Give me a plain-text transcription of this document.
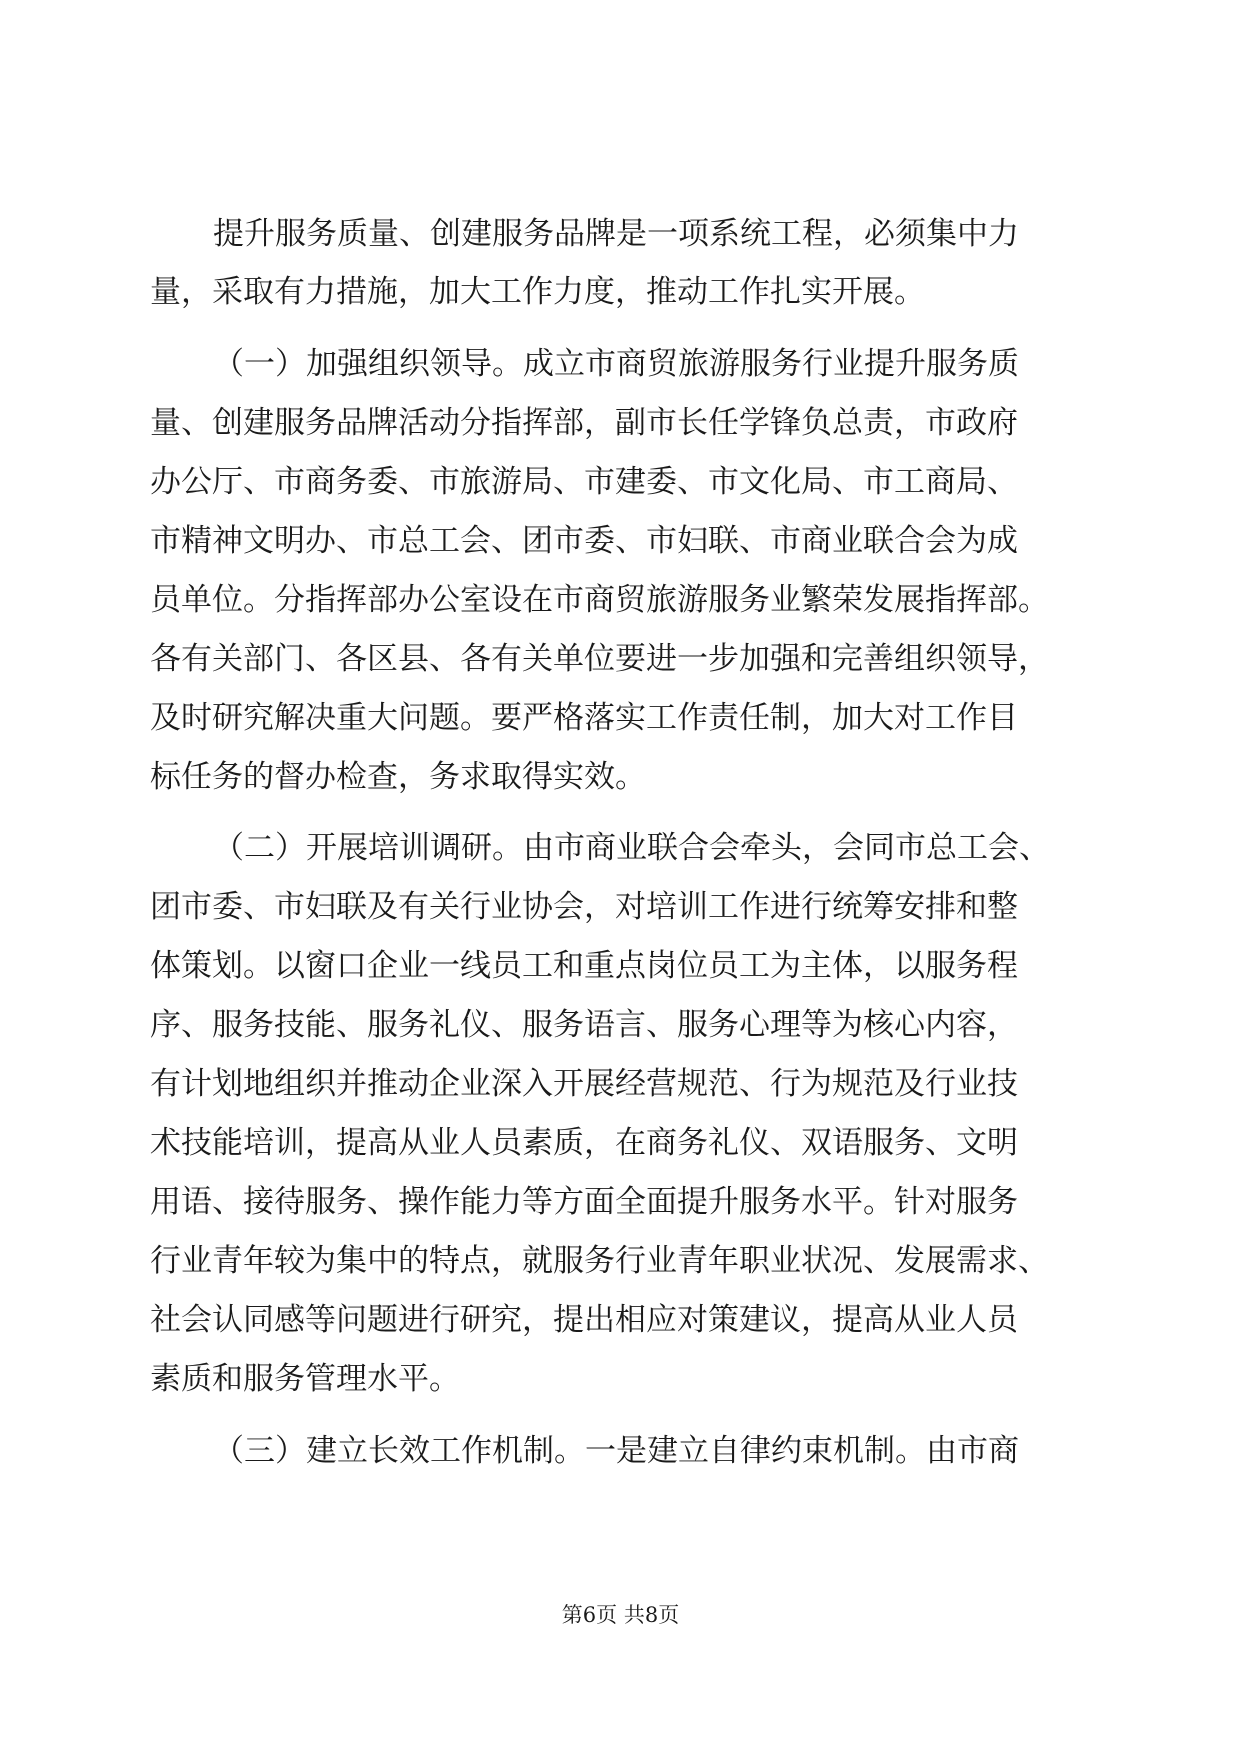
提升服务质量、创建服务品牌是一项系统工程，必须集中力
量，采取有力措施，加大工作力度，推动工作扎实开展。
（一）加强组织领导。成立市商贸旅游服务行业提升服务质
量、创建服务品牌活动分指挥部，副市长任学锋负总责，市政府
办公厅、市商务委、市旅游局、市建委、市文化局、市工商局、
市精神文明办、市总工会、团市委、市妇联、市商业联合会为成
员单位。分指挥部办公室设在市商贸旅游服务业繁荣发展指挥部。
各有关部门、各区县、各有关单位要进一步加强和完善组织领导，
及时研究解决重大问题。要严格落实工作责任制，加大对工作目
标任务的督办检查，务求取得实效。
（二）开展培训调研。由市商业联合会牵头，会同市总工会、
团市委、市妇联及有关行业协会，对培训工作进行统筹安排和整
体策划。以窗口企业一线员工和重点岗位员工为主体，以服务程
序、服务技能、服务礼仪、服务语言、服务心理等为核心内容，
有计划地组织并推动企业深入开展经营规范、行为规范及行业技
术技能培训，提高从业人员素质，在商务礼仪、双语服务、文明
用语、接待服务、操作能力等方面全面提升服务水平。针对服务
行业青年较为集中的特点，就服务行业青年职业状况、发展需求、
社会认同感等问题进行研究，提出相应对策建议，提高从业人员
素质和服务管理水平。
（三）建立长效工作机制。一是建立自律约束机制。由市商
第6页 共8页
